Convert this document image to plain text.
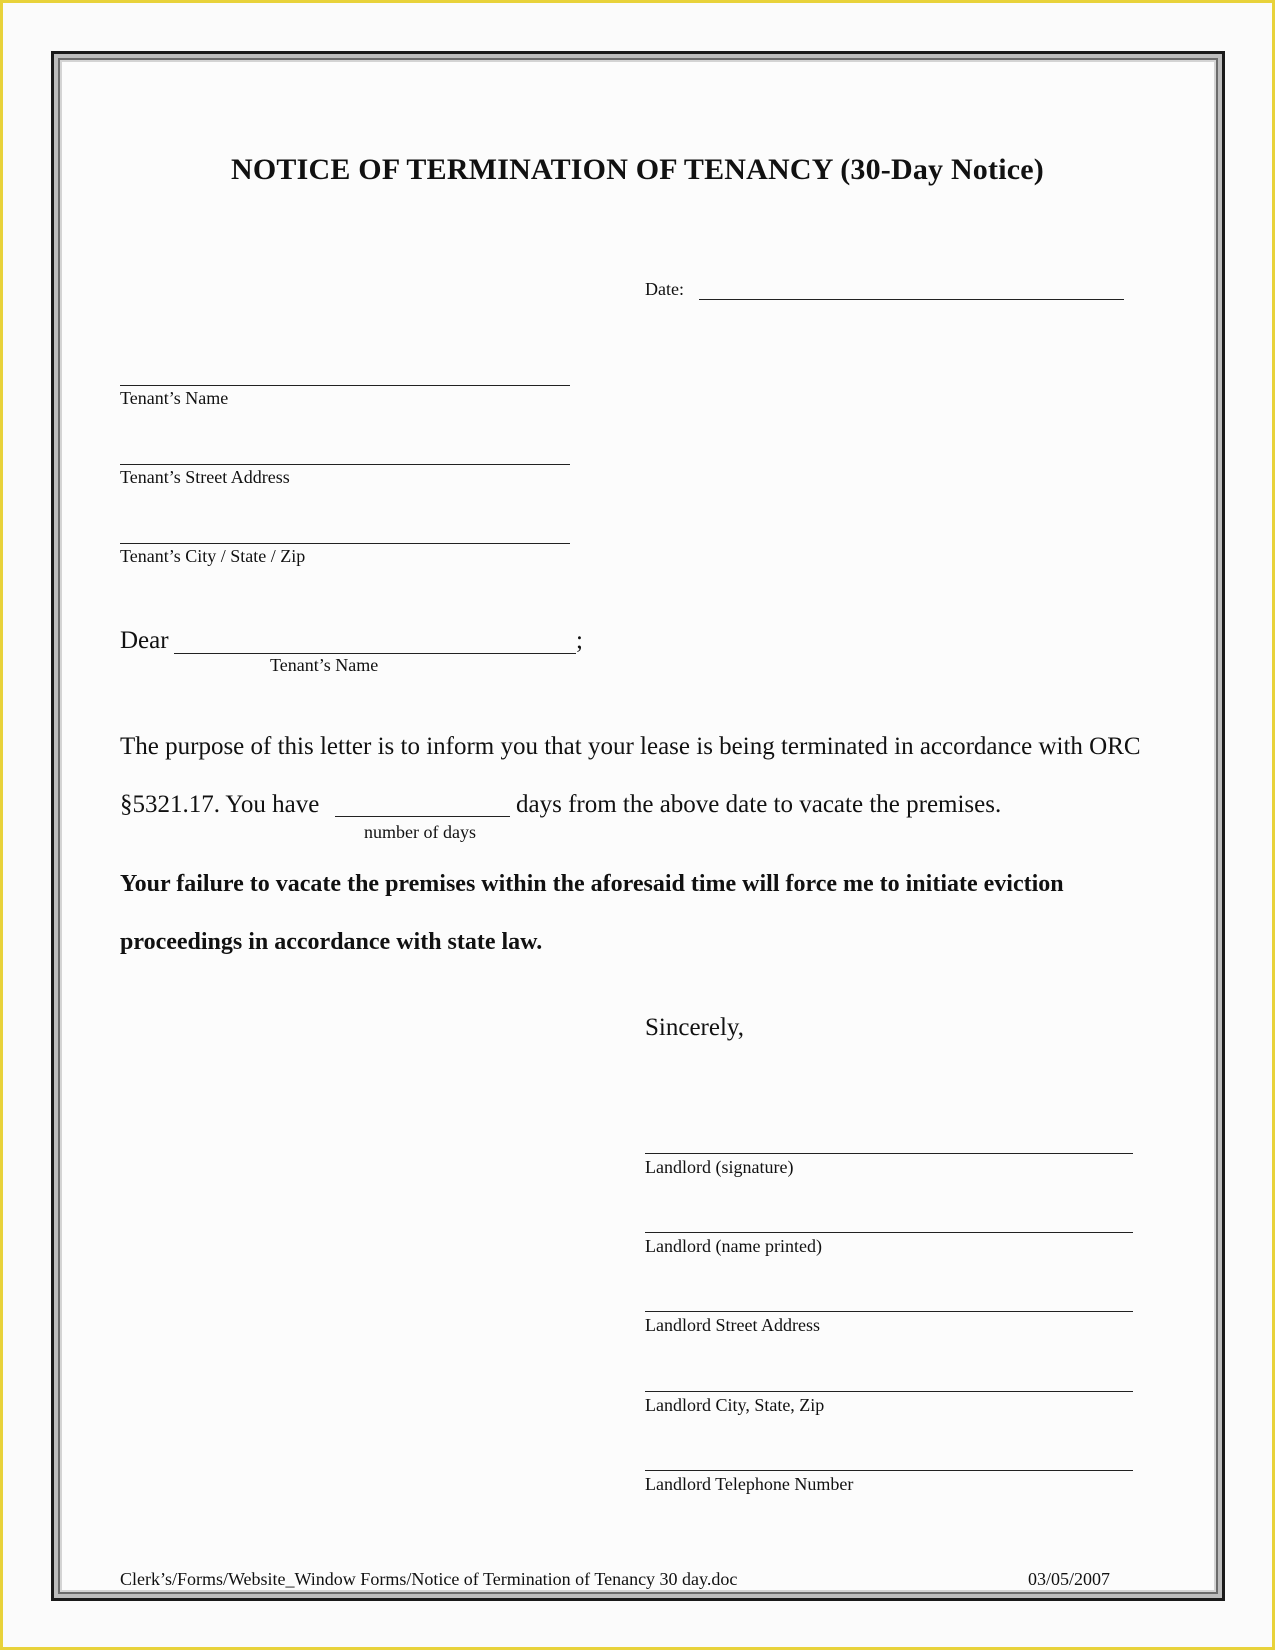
NOTICE OF TERMINATION OF TENANCY (30-Day Notice)
Date:
Tenant’s Name
Tenant’s Street Address
Tenant’s City / State / Zip
Dear	;
Tenant’s Name
The purpose of this letter is to inform you that your lease is being terminated in accordance with ORC
§5321.17. You have	days from the above date to vacate the premises.
number of days
Your failure to vacate the premises within the aforesaid time will force me to initiate eviction
proceedings in accordance with state law.
Sincerely,
Landlord (signature)
Landlord (name printed)
Landlord Street Address
Landlord City, State, Zip
Landlord Telephone Number
Clerk’s/Forms/Website_Window Forms/Notice of Termination of Tenancy 30 day.doc	03/05/2007
